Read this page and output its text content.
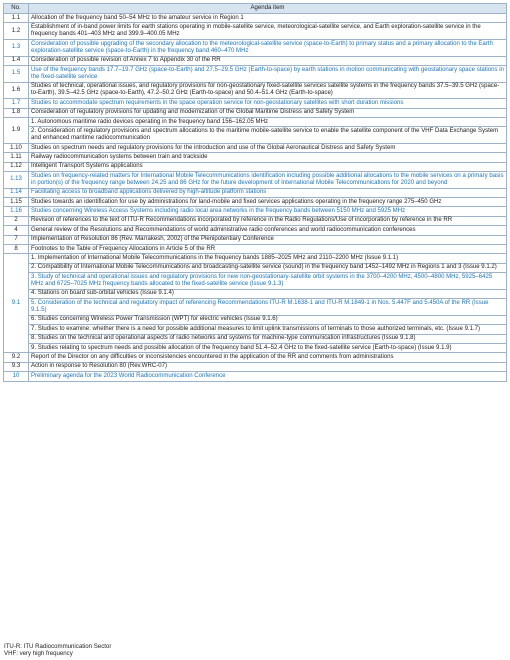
No.	Agenda item
1.1	Allocation of the frequency band 50–54 MHz to the amateur service in Region 1
1.2	Establishment of in-band power limits for earth stations operating in mobile-satellite service, meteorological-satellite service, and Earth exploration-satellite service in the frequency bands 401–403 MHz and 399.9–400.05 MHz
1.3	Consideration of possible upgrading of the secondary allocation to the meteorological-satellite service (space-to-Earth) to primary status and a primary allocation to the Earth exploration-satellite service (space-to-Earth) in the frequency band 460–470 MHz
1.4	Consideration of possible revision of Annex 7 to Appendix 30 of the RR
1.5	Use of the frequency bands 17.7–19.7 GHz (space-to-Earth) and 27.5–29.5 GHz (Earth-to-space) by earth stations in motion communicating with geostationary space stations in the fixed-satellite service
1.6	Studies of technical, operational issues, and regulatory provisions for non-geostationary fixed-satellite services satellite systems in the frequency bands 37.5–39.5 GHz (space-to-Earth), 39.5–42.5 GHz (space-to-Earth), 47.2–50.2 GHz (Earth-to-space) and 50.4–51.4 GHz (Earth-to-space)
1.7	Studies to accommodate spectrum requirements in the space operation service for non-geostationary satellites with short duration missions
1.8	Consideration of regulatory provisions for updating and modernization of the Global Maritime Distress and Safety System
1.9	1. Autonomous maritime radio devices operating in the frequency band 156–162.05 MHz
	2. Consideration of regulatory provisions and spectrum allocations to the maritime mobile-satellite service to enable the satellite component of the VHF Data Exchange System and enhanced maritime radiocommunication
1.10	Studies on spectrum needs and regulatory provisions for the introduction and use of the Global Aeronautical Distress and Safety System
1.11	Railway radiocommunication systems between train and trackside
1.12	Intelligent Transport Systems applications
1.13	Studies on frequency-related matters for International Mobile Telecommunications identification including possible additional allocations to the mobile services on a primary basis in portion(s) of the frequency range between 24.25 and 86 GHz for the future development of International Mobile Telecommunications for 2020 and beyond
1.14	Facilitating access to broadband applications delivered by high-altitude platform stations
1.15	Studies towards an identification for use by administrations for land-mobile and fixed services applications operating in the frequency range 275–450 GHz
1.16	Studies concerning Wireless Access Systems including radio local area networks in the frequency bands between 5150 MHz and 5925 MHz
2	Revision of references to the text of ITU-R Recommendations incorporated by reference in the Radio Regulations/Use of incorporation by reference in the RR
4	General review of the Resolutions and Recommendations of world administrative radio conferences and world radiocommunication conferences
7	Implementation of Resolution 86 (Rev. Marrakesh, 2002) of the Plenipotentiary Conference
8	Footnotes to the Table of Frequency Allocations in Article 5 of the RR
9.1	1. Implementation of International Mobile Telecommunications in the frequency bands 1885–2025 MHz and 2110–2200 MHz (Issue 9.1.1)
	2. Compatibility of International Mobile Telecommunications and broadcasting-satellite service (sound) in the frequency band 1452–1492 MHz in Regions 1 and 3 (Issue 9.1.2)
	3. Study of technical and operational issues and regulatory provisions for new non-geostationary-satellite orbit systems in the 3700–4200 MHz, 4500–4800 MHz, 5925–6425 MHz and 6725–7025 MHz frequency bands allocated to the fixed-satellite service (Issue 9.1.3)
	4. Stations on board sub-orbital vehicles (Issue 9.1.4)
	5. Consideration of the technical and regulatory impact of referencing Recommendations ITU-R M.1638-1 and ITU-R M.1849-1 in Nos. 5.447F and 5.450A of the RR (Issue 9.1.5)
	6. Studies concerning Wireless Power Transmission (WPT) for electric vehicles (Issue 9.1.6)
	7. Studies to examine: whether there is a need for possible additional measures to limit uplink transmissions of terminals to those authorized terminals, etc. (Issue 9.1.7)
	8. Studies on the technical and operational aspects of radio networks and systems for machine-type communication infrastructures (Issue 9.1.8)
	9. Studies relating to spectrum needs and possible allocation of the frequency band 51.4–52.4 GHz to the fixed-satellite service (Earth-to-space) (Issue 9.1.9)
9.2	Report of the Director on any difficulties or inconsistencies encountered in the application of the RR and comments from administrations
9.3	Action in response to Resolution 80 (Rev.WRC-07)
10	Preliminary agenda for the 2023 World Radiocommunication Conference
ITU-R: ITU Radiocommunication Sector
VHF: very high frequency
